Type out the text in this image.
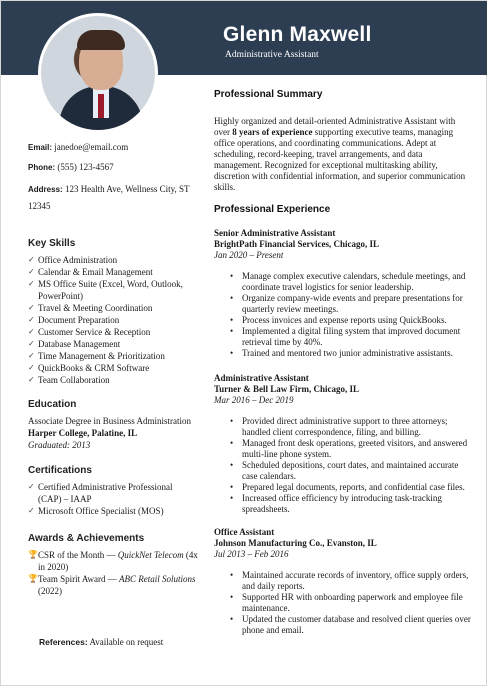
Glenn Maxwell
Administrative Assistant
Email: janedoe@email.com
Phone: (555) 123-4567
Address: 123 Health Ave, Wellness City, ST 12345
Key Skills
✓ Office Administration
✓ Calendar & Email Management
✓ MS Office Suite (Excel, Word, Outlook, PowerPoint)
✓ Travel & Meeting Coordination
✓ Document Preparation
✓ Customer Service & Reception
✓ Database Management
✓ Time Management & Prioritization
✓ QuickBooks & CRM Software
✓ Team Collaboration
Education
Associate Degree in Business Administration
Harper College, Palatine, IL
Graduated: 2013
Certifications
✓ Certified Administrative Professional (CAP) – IAAP
✓ Microsoft Office Specialist (MOS)
Awards & Achievements
🏆 CSR of the Month — QuickNet Telecom (4x in 2020)
🏆 Team Spirit Award — ABC Retail Solutions (2022)
References: Available on request
Professional Summary
Highly organized and detail-oriented Administrative Assistant with over 8 years of experience supporting executive teams, managing office operations, and coordinating communications. Adept at scheduling, record-keeping, travel arrangements, and data management. Recognized for exceptional multitasking ability, discretion with confidential information, and superior communication skills.
Professional Experience
Senior Administrative Assistant
BrightPath Financial Services, Chicago, IL
Jan 2020 – Present
• Manage complex executive calendars, schedule meetings, and coordinate travel logistics for senior leadership.
• Organize company-wide events and prepare presentations for quarterly review meetings.
• Process invoices and expense reports using QuickBooks.
• Implemented a digital filing system that improved document retrieval time by 40%.
• Trained and mentored two junior administrative assistants.
Administrative Assistant
Turner & Bell Law Firm, Chicago, IL
Mar 2016 – Dec 2019
• Provided direct administrative support to three attorneys; handled client correspondence, filing, and billing.
• Managed front desk operations, greeted visitors, and answered multi-line phone system.
• Scheduled depositions, court dates, and maintained accurate case calendars.
• Prepared legal documents, reports, and confidential case files.
• Increased office efficiency by introducing task-tracking spreadsheets.
Office Assistant
Johnson Manufacturing Co., Evanston, IL
Jul 2013 – Feb 2016
• Maintained accurate records of inventory, office supply orders, and daily reports.
• Supported HR with onboarding paperwork and employee file maintenance.
• Updated the customer database and resolved client queries over phone and email.
